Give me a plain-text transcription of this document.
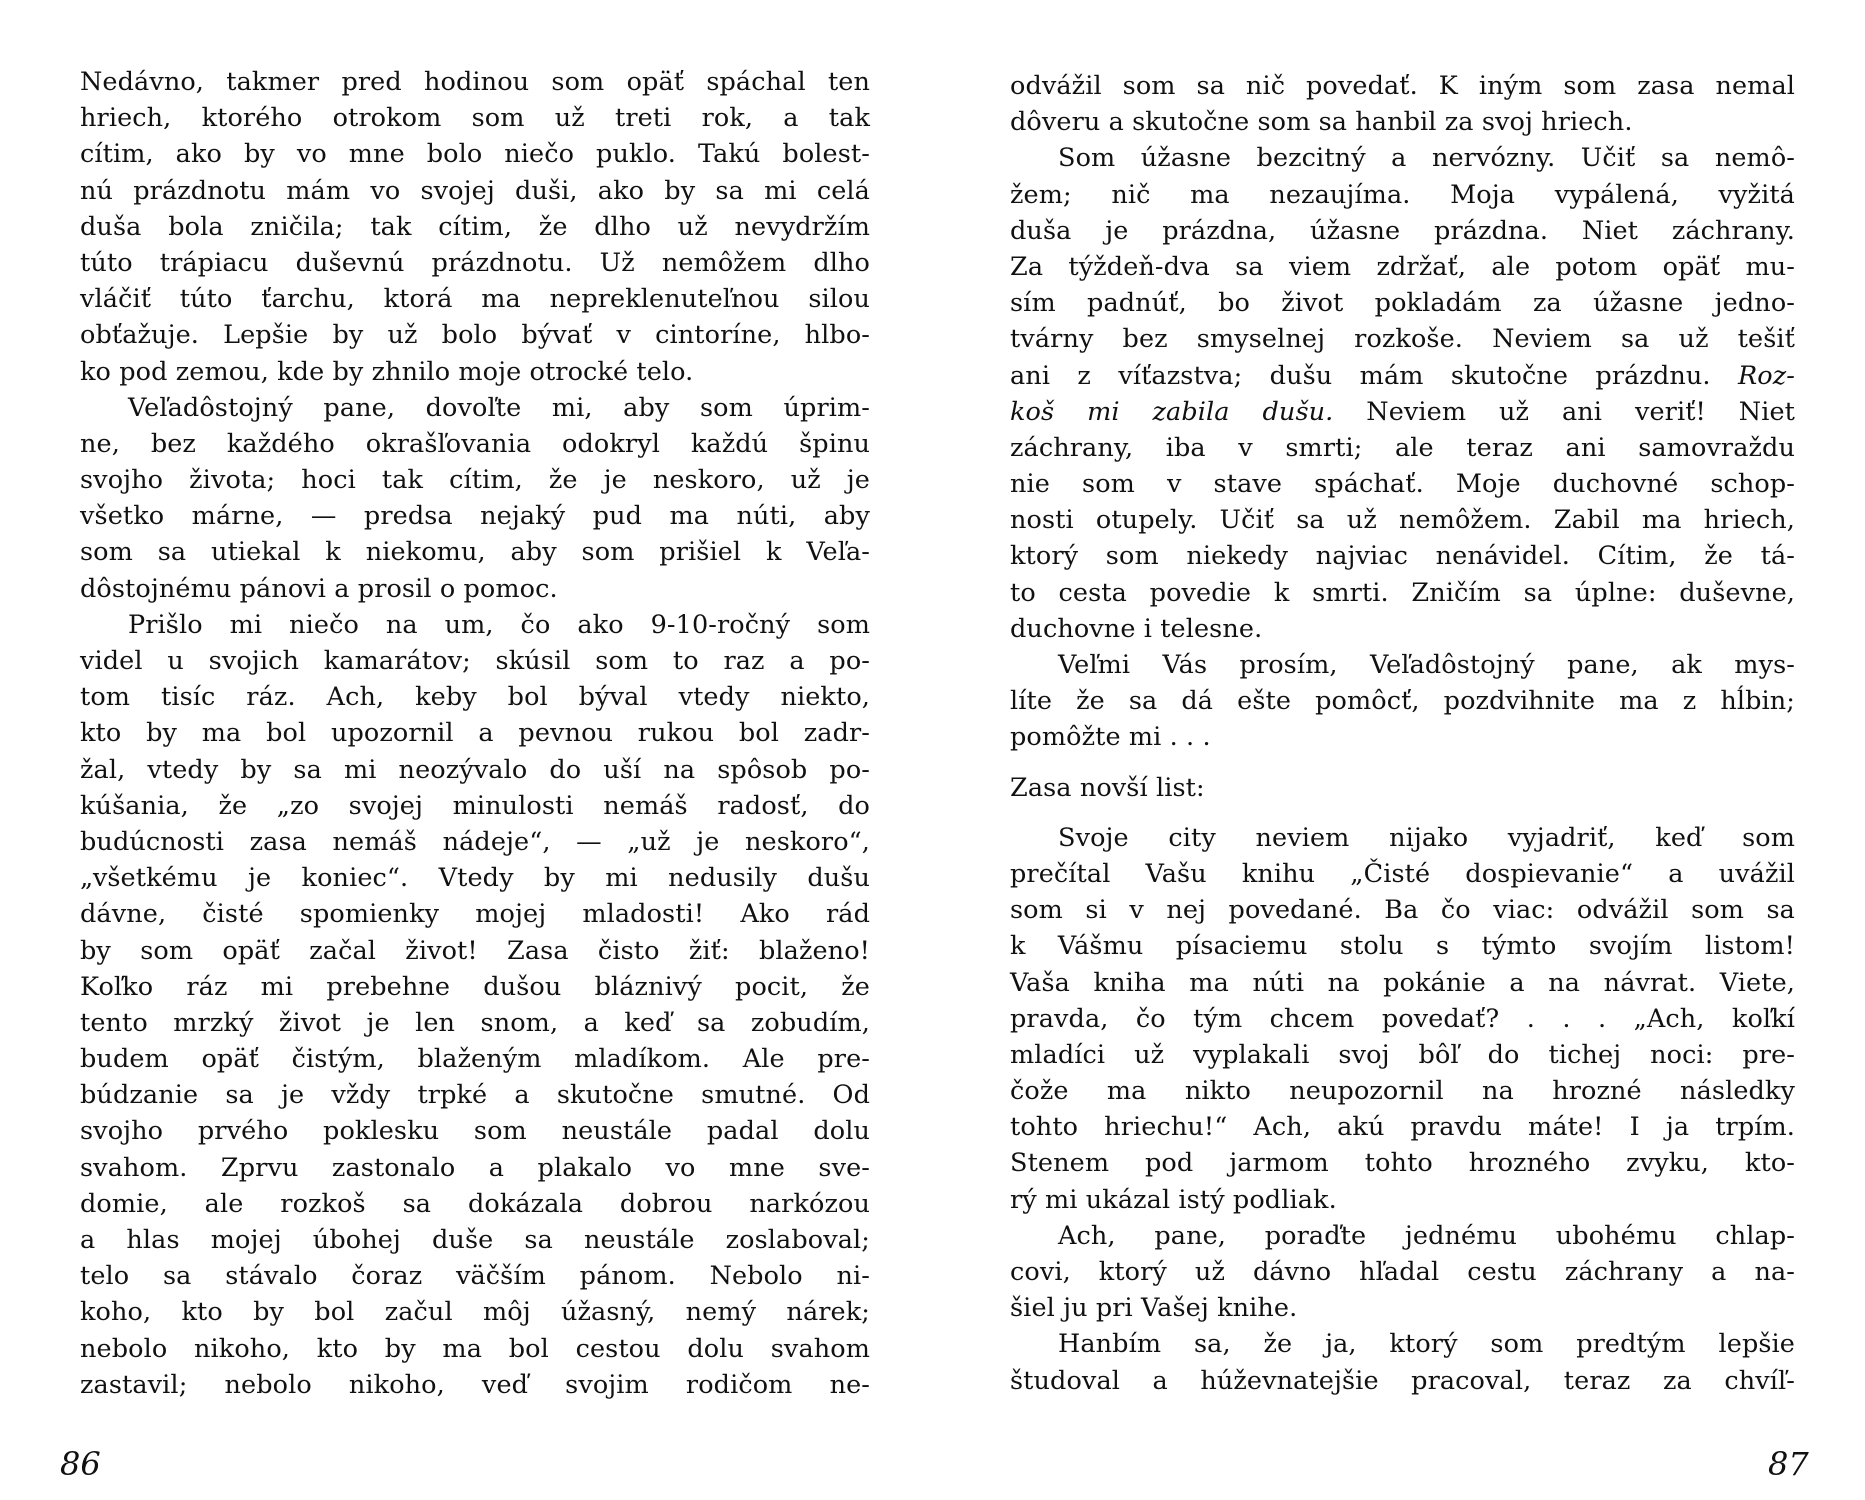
Nedávno, takmer pred hodinou som opäť spáchal ten
hriech, ktorého otrokom som už treti rok, a tak
cítim, ako by vo mne bolo niečo puklo. Takú bolest-
nú prázdnotu mám vo svojej duši, ako by sa mi celá
duša bola zničila; tak cítim, že dlho už nevydržím
túto trápiacu duševnú prázdnotu. Už nemôžem dlho
vláčiť túto ťarchu, ktorá ma nepreklenuteľnou silou
obťažuje. Lepšie by už bolo bývať v cintoríne, hlbo-
ko pod zemou, kde by zhnilo moje otrocké telo.
Veľadôstojný pane, dovoľte mi, aby som úprim-
ne, bez každého okrašľovania odokryl každú špinu
svojho života; hoci tak cítim, že je neskoro, už je
všetko márne, — predsa nejaký pud ma núti, aby
som sa utiekal k niekomu, aby som prišiel k Veľa-
dôstojnému pánovi a prosil o pomoc.
Prišlo mi niečo na um, čo ako 9-10-ročný som
videl u svojich kamarátov; skúsil som to raz a po-
tom tisíc ráz. Ach, keby bol býval vtedy niekto,
kto by ma bol upozornil a pevnou rukou bol zadr-
žal, vtedy by sa mi neozývalo do uší na spôsob po-
kúšania, že „zo svojej minulosti nemáš radosť, do
budúcnosti zasa nemáš nádeje“, — „už je neskoro“,
„všetkému je koniec“. Vtedy by mi nedusily dušu
dávne, čisté spomienky mojej mladosti! Ako rád
by som opäť začal život! Zasa čisto žiť: blaženo!
Koľko ráz mi prebehne dušou bláznivý pocit, že
tento mrzký život je len snom, a keď sa zobudím,
budem opäť čistým, blaženým mladíkom. Ale pre-
búdzanie sa je vždy trpké a skutočne smutné. Od
svojho prvého poklesku som neustále padal dolu
svahom. Zprvu zastonalo a plakalo vo mne sve-
domie, ale rozkoš sa dokázala dobrou narkózou
a hlas mojej úbohej duše sa neustále zoslaboval;
telo sa stávalo čoraz väčším pánom. Nebolo ni-
koho, kto by bol začul môj úžasný, nemý nárek;
nebolo nikoho, kto by ma bol cestou dolu svahom
zastavil; nebolo nikoho, veď svojim rodičom ne-
86
odvážil som sa nič povedať. K iným som zasa nemal
dôveru a skutočne som sa hanbil za svoj hriech.
Som úžasne bezcitný a nervózny. Učiť sa nemô-
žem; nič ma nezaujíma. Moja vypálená, vyžitá
duša je prázdna, úžasne prázdna. Niet záchrany.
Za týždeň-dva sa viem zdržať, ale potom opäť mu-
sím padnúť, bo život pokladám za úžasne jedno-
tvárny bez smyselnej rozkoše. Neviem sa už tešiť
ani z víťazstva; dušu mám skutočne prázdnu. Roz-
kоš mi zabila dušu. Neviem už ani veriť! Niet
záchrany, iba v smrti; ale teraz ani samovraždu
nie som v stave spáchať. Moje duchovné schop-
nosti otupely. Učiť sa už nemôžem. Zabil ma hriech,
ktorý som niekedy najviac nenávidel. Cítim, že tá-
to cesta povedie k smrti. Zničím sa úplne: duševne,
duchovne i telesne.
Veľmi Vás prosím, Veľadôstojný pane, ak mys-
líte že sa dá ešte pomôcť, pozdvihnite ma z hĺbin;
pomôžte mi . . .
Zasa novší list:
Svoje city neviem nijako vyjadriť, keď som
prečítal Vašu knihu „Čisté dospievanie“ a uvážil
som si v nej povedané. Ba čo viac: odvážil som sa
k Vášmu písaciemu stolu s týmto svojím listom!
Vaša kniha ma núti na pokánie a na návrat. Viete,
pravda, čo tým chcem povedať? . . . „Ach, koľkí
mladíci už vyplakali svoj bôľ do tichej noci: pre-
čože ma nikto neupozornil na hrozné následky
tohto hriechu!“ Ach, akú pravdu máte! I ja trpím.
Stenem pod jarmom tohto hrozného zvyku, kto-
rý mi ukázal istý podliak.
Ach, pane, poraďte jednému ubohému chlap-
covi, ktorý už dávno hľadal cestu záchrany a na-
šiel ju pri Vašej knihe.
Hanbím sa, že ja, ktorý som predtým lepšie
študoval a húževnatejšie pracoval, teraz za chvíľ-
87
